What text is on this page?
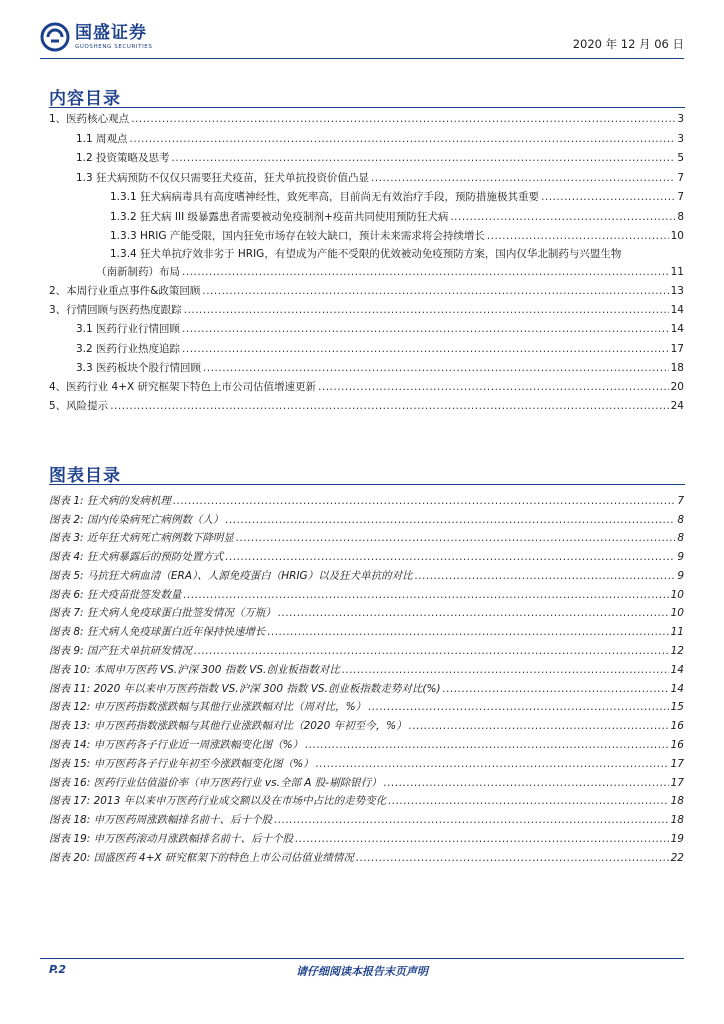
国盛证券
GUOSHENG SECURITIES	2020 年 12 月 06 日
内容目录
1、医药核心观点 .....	3
1.1 周观点 .....	3
1.2 投资策略及思考 .....	5
1.3 狂犬病预防不仅仅只需要狂犬疫苗，狂犬单抗投资价值凸显 .....	7
1.3.1 狂犬病病毒具有高度嗜神经性，致死率高，目前尚无有效治疗手段，预防措施极其重要 .....	7
1.3.2 狂犬病 III 级暴露患者需要被动免疫制剂+疫苗共同使用预防狂犬病 .....	8
1.3.3 HRIG 产能受限，国内狂免市场存在较大缺口，预计未来需求将会持续增长 .....	10
1.3.4 狂犬单抗疗效非劣于 HRIG，有望成为产能不受限的优效被动免疫预防方案，国内仅华北制药与兴盟生物
（南新制药）布局 .....	11
2、本周行业重点事件&政策回顾 .....	13
3、行情回顾与医药热度跟踪 .....	14
3.1 医药行业行情回顾 .....	14
3.2 医药行业热度追踪 .....	17
3.3 医药板块个股行情回顾 .....	18
4、医药行业 4+X 研究框架下特色上市公司估值增速更新 .....	20
5、风险提示 .....	24
图表目录
图表 1: 狂犬病的发病机理 .....	7
图表 2: 国内传染病死亡病例数（人） .....	8
图表 3: 近年狂犬病死亡病例数下降明显 .....	8
图表 4: 狂犬病暴露后的预防处置方式 .....	9
图表 5: 马抗狂犬病血清（ERA）、人源免疫蛋白（HRIG）以及狂犬单抗的对比 .....	9
图表 6: 狂犬疫苗批签发数量 .....	10
图表 7: 狂犬病人免疫球蛋白批签发情况（万瓶） .....	10
图表 8: 狂犬病人免疫球蛋白近年保持快速增长 .....	11
图表 9: 国产狂犬单抗研发情况 .....	12
图表 10: 本周申万医药 VS.沪深 300 指数 VS.创业板指数对比 .....	14
图表 11: 2020 年以来申万医药指数 VS.沪深 300 指数 VS.创业板指数走势对比(%) .....	14
图表 12: 申万医药指数涨跌幅与其他行业涨跌幅对比（周对比，%） .....	15
图表 13: 申万医药指数涨跌幅与其他行业涨跌幅对比（2020 年初至今，%） .....	16
图表 14: 申万医药各子行业近一周涨跌幅变化图（%） .....	16
图表 15: 申万医药各子行业年初至今涨跌幅变化图（%） .....	17
图表 16: 医药行业估值溢价率（申万医药行业 vs.全部 A 股-剔除银行） .....	17
图表 17: 2013 年以来申万医药行业成交额以及在市场中占比的走势变化 .....	18
图表 18: 申万医药周涨跌幅排名前十、后十个股 .....	18
图表 19: 申万医药滚动月涨跌幅排名前十、后十个股 .....	19
图表 20: 国盛医药 4+X 研究框架下的特色上市公司估值业绩情况 .....	22
请仔细阅读本报告末页声明
P.2
